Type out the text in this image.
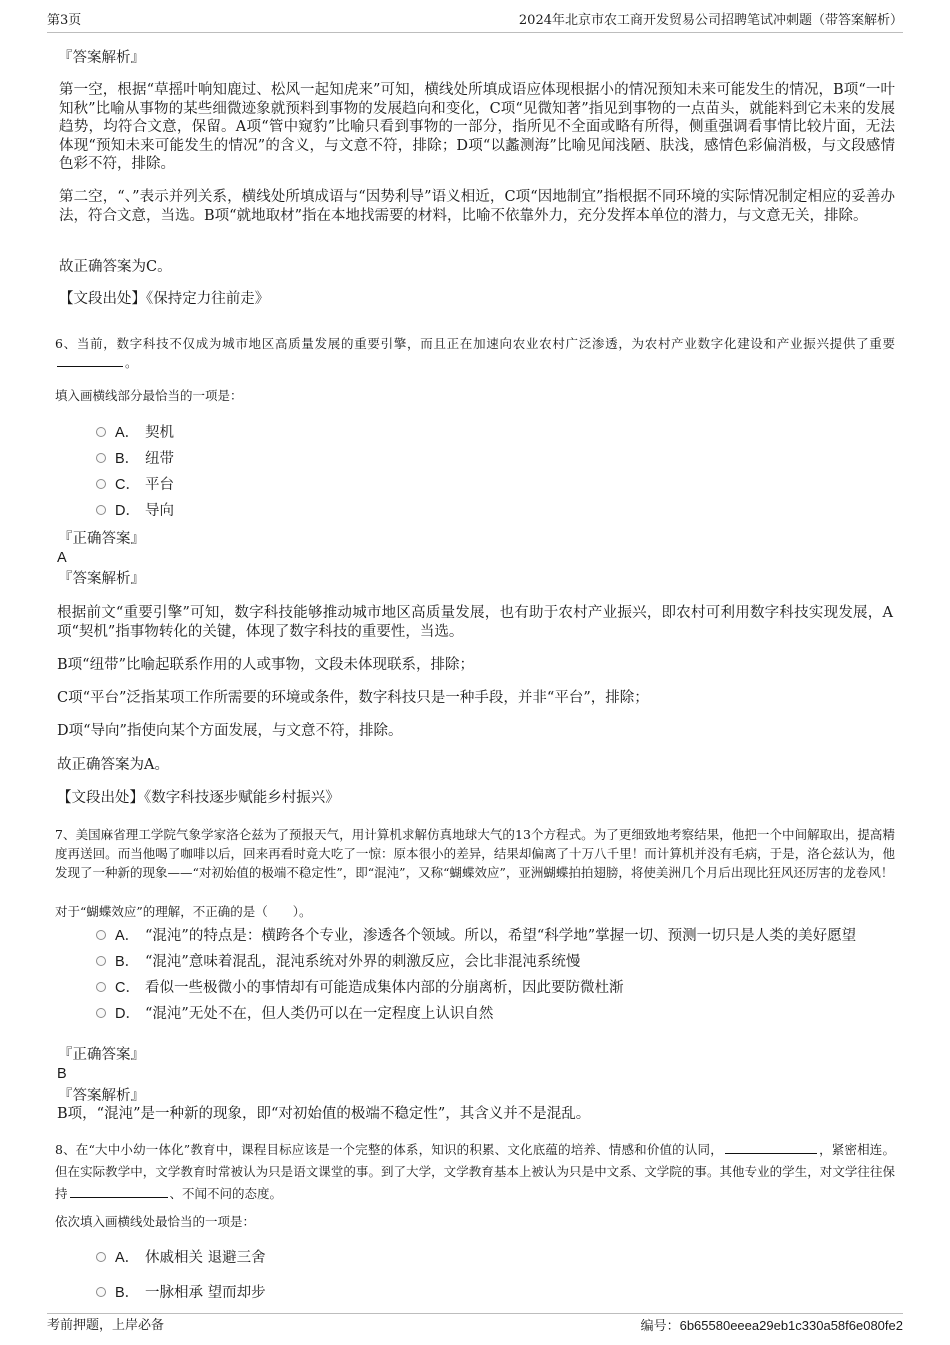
第3页	2024年北京市农工商开发贸易公司招聘笔试冲刺题（带答案解析）
『答案解析』

第一空，根据“草摇叶响知鹿过、松风一起知虎来”可知，横线处所填成语应体现根据小的情况预知未来可能发生的情况，B项“一叶知秋”比喻从事物的某些细微迹象就预料到事物的发展趋向和变化，C项“见微知著”指见到事物的一点苗头，就能料到它未来的发展趋势，均符合文意，保留。A项“管中窥豹”比喻只看到事物的一部分，指所见不全面或略有所得，侧重强调看事情比较片面，无法体现“预知未来可能发生的情况”的含义，与文意不符，排除；D项“以蠡测海”比喻见闻浅陋、肤浅，感情色彩偏消极，与文段感情色彩不符，排除。

第二空，“、”表示并列关系，横线处所填成语与“因势利导”语义相近，C项“因地制宜”指根据不同环境的实际情况制定相应的妥善办法，符合文意，当选。B项“就地取材”指在本地找需要的材料，比喻不依靠外力，充分发挥本单位的潜力，与文意无关，排除。

故正确答案为C。

【文段出处】《保持定力往前走》

6、当前，数字科技不仅成为城市地区高质量发展的重要引擎，而且正在加速向农业农村广泛渗透，为农村产业数字化建设和产业振兴提供了重要。

填入画横线部分最恰当的一项是：

A． 契机
B． 纽带
C． 平台
D． 导向
『正确答案』
A
『答案解析』

根据前文“重要引擎”可知，数字科技能够推动城市地区高质量发展，也有助于农村产业振兴，即农村可利用数字科技实现发展，A项“契机”指事物转化的关键，体现了数字科技的重要性，当选。

B项“纽带”比喻起联系作用的人或事物，文段未体现联系，排除；

C项“平台”泛指某项工作所需要的环境或条件，数字科技只是一种手段，并非“平台”，排除；

D项“导向”指使向某个方面发展，与文意不符，排除。

故正确答案为A。

【文段出处】《数字科技逐步赋能乡村振兴》

7、美国麻省理工学院气象学家洛仑兹为了预报天气，用计算机求解仿真地球大气的13个方程式。为了更细致地考察结果，他把一个中间解取出，提高精度再送回。而当他喝了咖啡以后，回来再看时竟大吃了一惊：原本很小的差异，结果却偏离了十万八千里！而计算机并没有毛病，于是，洛仑兹认为，他发现了一种新的现象——“对初始值的极端不稳定性”，即“混沌”，又称“蝴蝶效应”，亚洲蝴蝶拍拍翅膀，将使美洲几个月后出现比狂风还厉害的龙卷风！

对于“蝴蝶效应”的理解，不正确的是（　　）。

A． “混沌”的特点是：横跨各个专业，渗透各个领域。所以，希望“科学地”掌握一切、预测一切只是人类的美好愿望
B． “混沌”意味着混乱，混沌系统对外界的刺激反应，会比非混沌系统慢
C． 看似一些极微小的事情却有可能造成集体内部的分崩离析，因此要防微杜渐
D． “混沌”无处不在，但人类仍可以在一定程度上认识自然
『正确答案』
B
『答案解析』

B项，“混沌”是一种新的现象，即“对初始值的极端不稳定性”，其含义并不是混乱。

8、在“大中小幼一体化”教育中，课程目标应该是一个完整的体系，知识的积累、文化底蕴的培养、情感和价值的认同，	，紧密相连。但在实际教学中，文学教育时常被认为只是语文课堂的事。到了大学，文学教育基本上被认为只是中文系、文学院的事。其他专业的学生，对文学往往保持	、不闻不问的态度。

依次填入画横线处最恰当的一项是：

A． 休戚相关 退避三舍
B． 一脉相承 望而却步
考前押题，上岸必备	编号：6b65580eeea29eb1c330a58f6e080fe2
